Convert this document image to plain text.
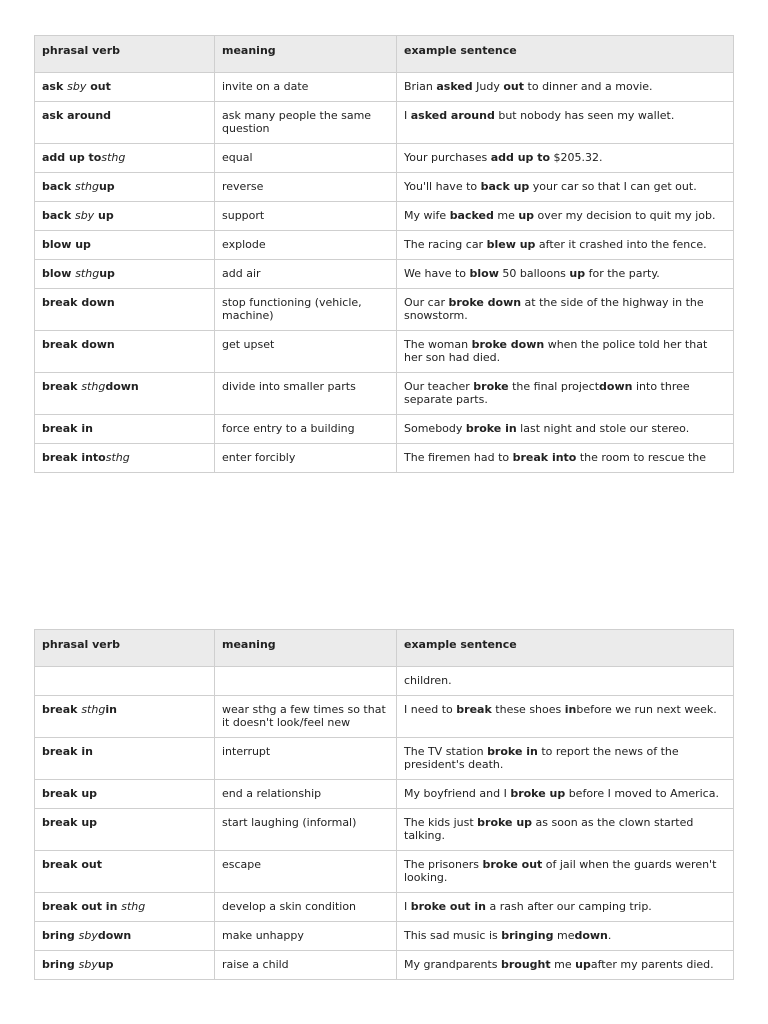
phrasal verb	meaning	example sentence
ask sby out	invite on a date	Brian asked Judy out to dinner and a movie.
ask around	ask many people the same question	I asked around but nobody has seen my wallet.
add up tosthg	equal	Your purchases add up to $205.32.
back sthgup	reverse	You'll have to back up your car so that I can get out.
back sby up	support	My wife backed me up over my decision to quit my job.
blow up	explode	The racing car blew up after it crashed into the fence.
blow sthgup	add air	We have to blow 50 balloons up for the party.
break down	stop functioning (vehicle, machine)	Our car broke down at the side of the highway in the snowstorm.
break down	get upset	The woman broke down when the police told her that her son had died.
break sthgdown	divide into smaller parts	Our teacher broke the final projectdown into three separate parts.
break in	force entry to a building	Somebody broke in last night and stole our stereo.
break intosthg	enter forcibly	The firemen had to break into the room to rescue the
phrasal verb	meaning	example sentence
		children.
break sthgin	wear sthg a few times so that it doesn't look/feel new	I need to break these shoes inbefore we run next week.
break in	interrupt	The TV station broke in to report the news of the president's death.
break up	end a relationship	My boyfriend and I broke up before I moved to America.
break up	start laughing (informal)	The kids just broke up as soon as the clown started talking.
break out	escape	The prisoners broke out of jail when the guards weren't looking.
break out in sthg	develop a skin condition	I broke out in a rash after our camping trip.
bring sbydown	make unhappy	This sad music is bringing medown.
bring sbyup	raise a child	My grandparents brought me upafter my parents died.
